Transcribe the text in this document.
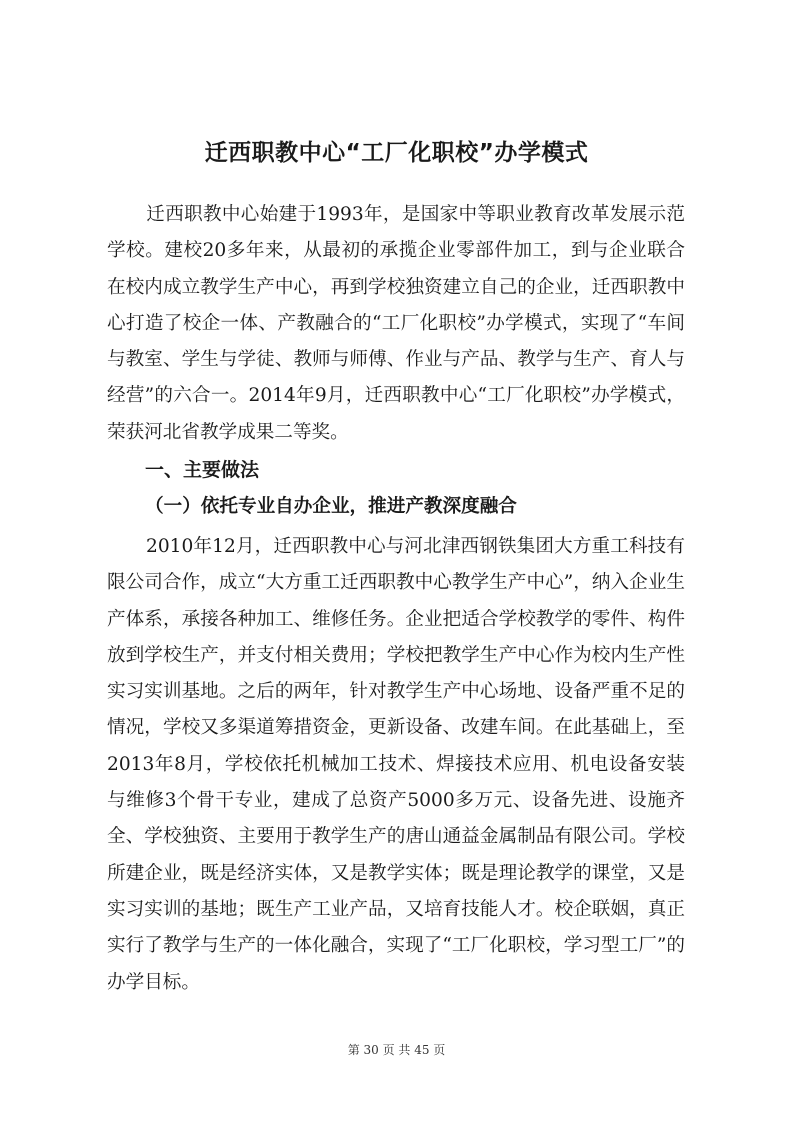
迁西职教中心“工厂化职校”办学模式

迁西职教中心始建于1993年，是国家中等职业教育改革发展示范学校。建校20多年来，从最初的承揽企业零部件加工，到与企业联合在校内成立教学生产中心，再到学校独资建立自己的企业，迁西职教中心打造了校企一体、产教融合的“工厂化职校”办学模式，实现了“车间与教室、学生与学徒、教师与师傅、作业与产品、教学与生产、育人与经营”的六合一。2014年9月，迁西职教中心“工厂化职校”办学模式，荣获河北省教学成果二等奖。

一、主要做法
（一）依托专业自办企业，推进产教深度融合

2010年12月，迁西职教中心与河北津西钢铁集团大方重工科技有限公司合作，成立“大方重工迁西职教中心教学生产中心”，纳入企业生产体系，承接各种加工、维修任务。企业把适合学校教学的零件、构件放到学校生产，并支付相关费用；学校把教学生产中心作为校内生产性实习实训基地。之后的两年，针对教学生产中心场地、设备严重不足的情况，学校又多渠道筹措资金，更新设备、改建车间。在此基础上，至2013年8月，学校依托机械加工技术、焊接技术应用、机电设备安装与维修3个骨干专业，建成了总资产5000多万元、设备先进、设施齐全、学校独资、主要用于教学生产的唐山通益金属制品有限公司。学校所建企业，既是经济实体，又是教学实体；既是理论教学的课堂，又是实习实训的基地；既生产工业产品，又培育技能人才。校企联姻，真正实行了教学与生产的一体化融合，实现了“工厂化职校，学习型工厂”的办学目标。

第 30 页 共 45 页
